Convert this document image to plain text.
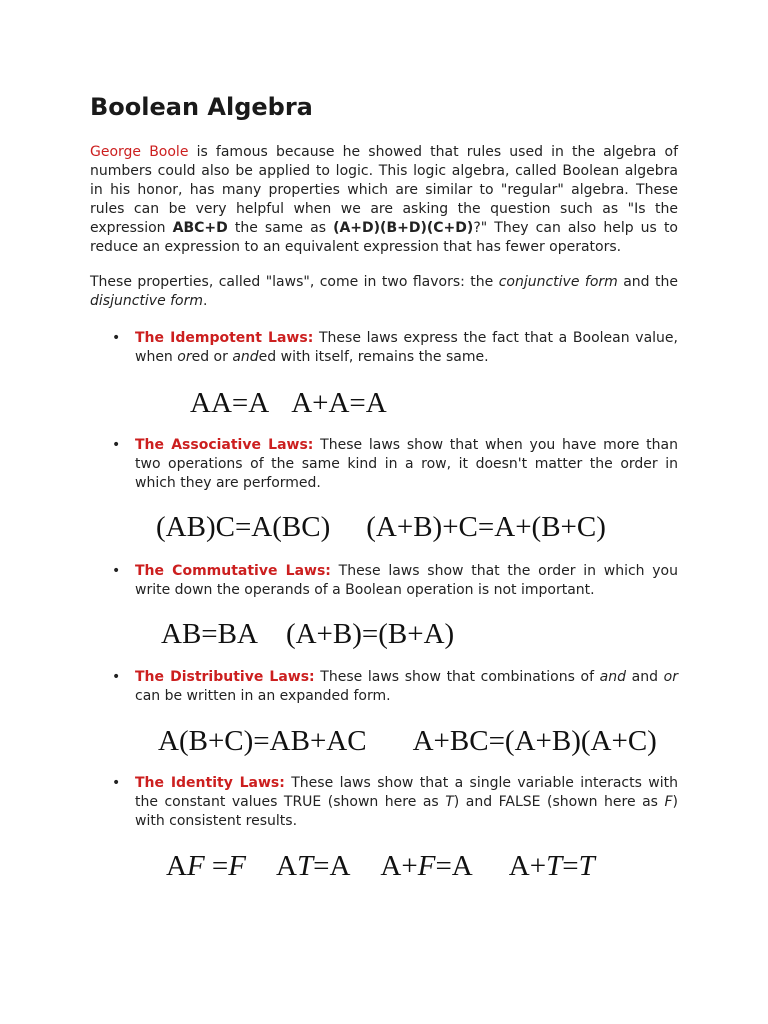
Boolean Algebra

George Boole is famous because he showed that rules used in the algebra of numbers could also be applied to logic. This logic algebra, called Boolean algebra in his honor, has many properties which are similar to "regular" algebra. These rules can be very helpful when we are asking the question such as "Is the expression ABC+D the same as (A+D)(B+D)(C+D)?" They can also help us to reduce an expression to an equivalent expression that has fewer operators.

These properties, called "laws", come in two flavors: the conjunctive form and the disjunctive form.

• The Idempotent Laws: These laws express the fact that a Boolean value, when ored or anded with itself, remains the same.

AA=A A+A=A

• The Associative Laws: These laws show that when you have more than two operations of the same kind in a row, it doesn't matter the order in which they are performed.

(AB)C=A(BC) (A+B)+C=A+(B+C)

• The Commutative Laws: These laws show that the order in which you write down the operands of a Boolean operation is not important.

AB=BA (A+B)=(B+A)

• The Distributive Laws: These laws show that combinations of and and or can be written in an expanded form.

A(B+C)=AB+AC A+BC=(A+B)(A+C)

• The Identity Laws: These laws show that a single variable interacts with the constant values TRUE (shown here as T) and FALSE (shown here as F) with consistent results.

AF =F AT=A A+F=A A+T=T
